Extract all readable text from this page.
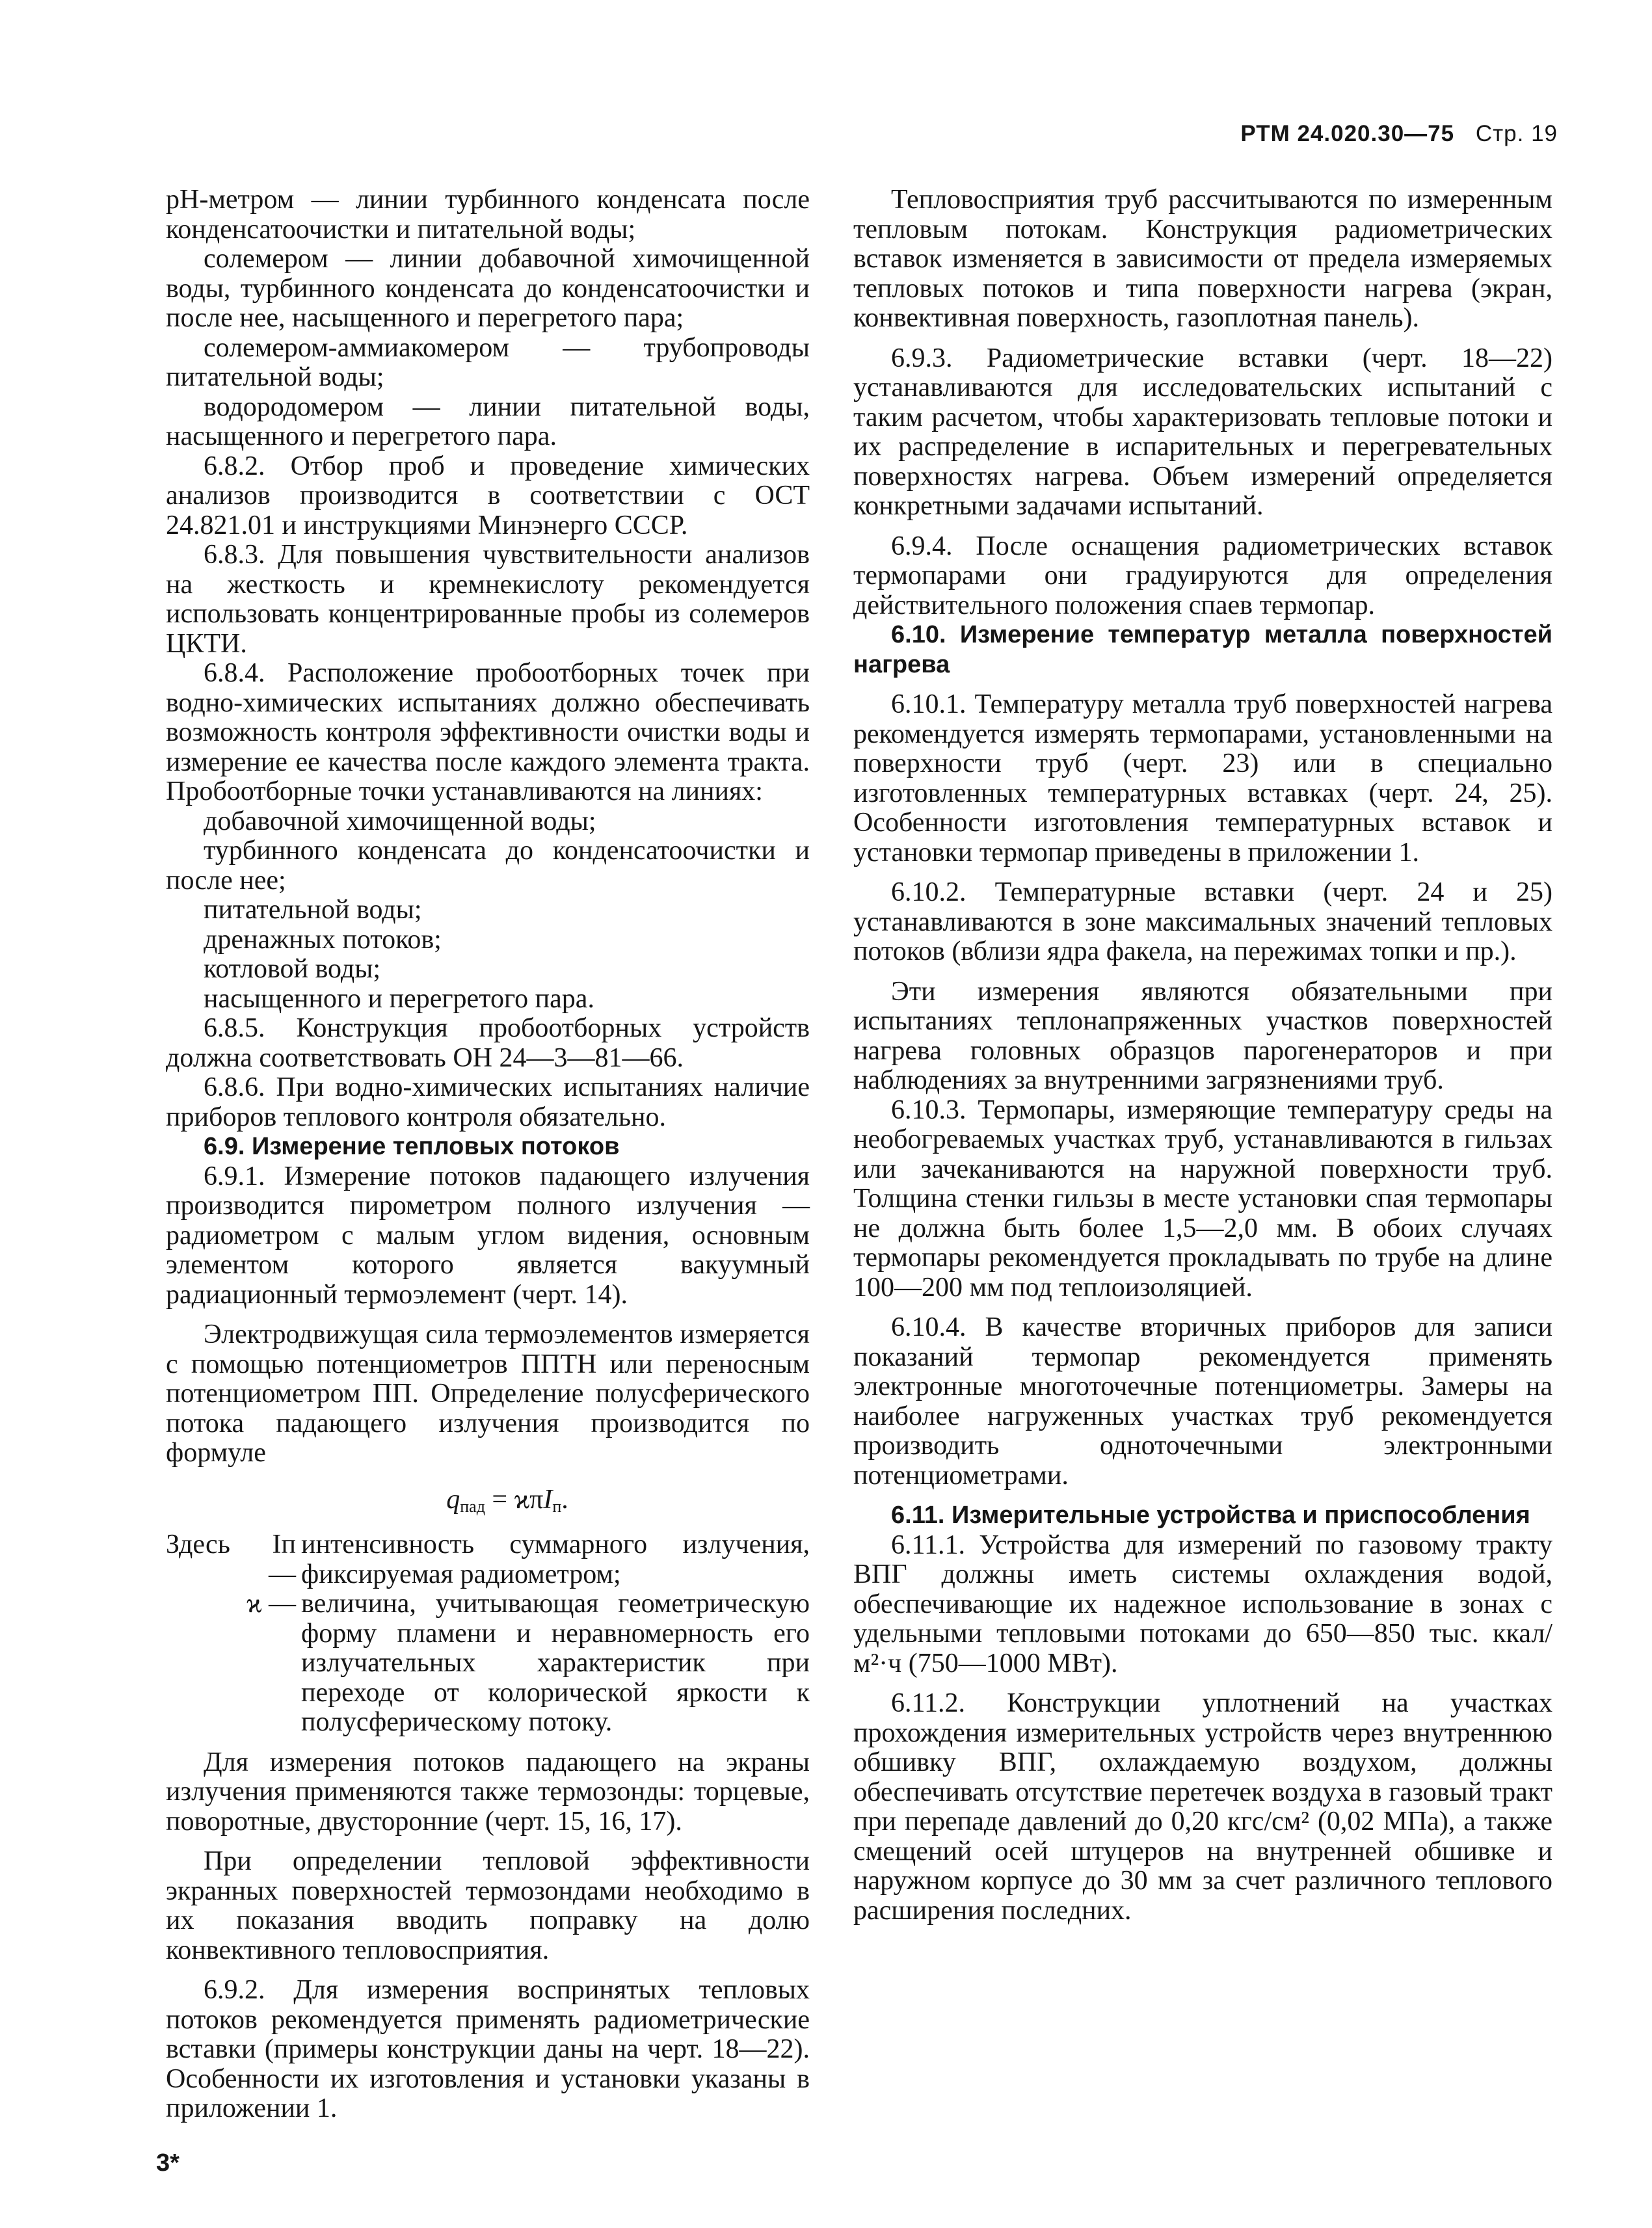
РТМ 24.020.30—75 Стр. 19

рН-метром — линии турбинного конденсата после конденсатоочистки и питательной воды;

солемером — линии добавочной химочищенной воды, турбинного конденсата до конденсатоочистки и после нее, насыщенного и перегретого пара;

солемером-аммиакомером — трубопроводы питательной воды;

водородомером — линии питательной воды, насыщенного и перегретого пара.

6.8.2. Отбор проб и проведение химических анализов производится в соответствии с ОСТ 24.821.01 и инструкциями Минэнерго СССР.

6.8.3. Для повышения чувствительности анализов на жесткость и кремнекислоту рекомендуется использовать концентрированные пробы из солемеров ЦКТИ.

6.8.4. Расположение пробоотборных точек при водно-химических испытаниях должно обеспечивать возможность контроля эффективности очистки воды и измерение ее качества после каждого элемента тракта. Пробоотборные точки устанавливаются на линиях:

добавочной химочищенной воды;

турбинного конденсата до конденсатоочистки и после нее;

питательной воды;

дренажных потоков;

котловой воды;

насыщенного и перегретого пара.

6.8.5. Конструкция пробоотборных устройств должна соответствовать ОН 24—3—81—66.

6.8.6. При водно-химических испытаниях наличие приборов теплового контроля обязательно.

6.9. Измерение тепловых потоков

6.9.1. Измерение потоков падающего излучения производится пирометром полного излучения — радиометром с малым углом видения, основным элементом которого является вакуумный радиационный термоэлемент (черт. 14).

Электродвижущая сила термоэлементов измеряется с помощью потенциометров ППТН или переносным потенциометром ПП. Определение полусферического потока падающего излучения производится по формуле

$q_{пад} = ϰ\pi I_п$.
Здесь	Iп —
интенсивность суммарного излучения, фиксируемая радиометром;
ϰ — величина, учитывающая геометрическую форму пламени и неравномерность его излучательных характеристик при переходе от колорической яркости к полусферическому потоку.

Для измерения потоков падающего на экраны излучения применяются также термозонды: торцевые, поворотные, двусторонние (черт. 15, 16, 17).

При определении тепловой эффективности экранных поверхностей термозондами необходимо в их показания вводить поправку на долю конвективного тепловосприятия.

6.9.2. Для измерения воспринятых тепловых потоков рекомендуется применять радиометрические вставки (примеры конструкции даны на черт. 18—22). Особенности их изготовления и установки указаны в приложении 1.

Тепловосприятия труб рассчитываются по измеренным тепловым потокам. Конструкция радиометрических вставок изменяется в зависимости от предела измеряемых тепловых потоков и типа поверхности нагрева (экран, конвективная поверхность, газоплотная панель).

6.9.3. Радиометрические вставки (черт. 18—22) устанавливаются для исследовательских испытаний с таким расчетом, чтобы характеризовать тепловые потоки и их распределение в испарительных и перегревательных поверхностях нагрева. Объем измерений определяется конкретными задачами испытаний.

6.9.4. После оснащения радиометрических вставок термопарами они градуируются для определения действительного положения спаев термопар.

6.10. Измерение температур металла поверхностей нагрева

6.10.1. Температуру металла труб поверхностей нагрева рекомендуется измерять термопарами, установленными на поверхности труб (черт. 23) или в специально изготовленных температурных вставках (черт. 24, 25). Особенности изготовления температурных вставок и установки термопар приведены в приложении 1.

6.10.2. Температурные вставки (черт. 24 и 25) устанавливаются в зоне максимальных значений тепловых потоков (вблизи ядра факела, на пережимах топки и пр.).

Эти измерения являются обязательными при испытаниях теплонапряженных участков поверхностей нагрева головных образцов парогенераторов и при наблюдениях за внутренними загрязнениями труб.

6.10.3. Термопары, измеряющие температуру среды на необогреваемых участках труб, устанавливаются в гильзах или зачеканиваются на наружной поверхности труб. Толщина стенки гильзы в месте установки спая термопары не должна быть более 1,5—2,0 мм. В обоих случаях термопары рекомендуется прокладывать по трубе на длине 100—200 мм под теплоизоляцией.

6.10.4. В качестве вторичных приборов для записи показаний термопар рекомендуется применять электронные многоточечные потенциометры. Замеры на наиболее нагруженных участках труб рекомендуется производить одноточечными электронными потенциометрами.

6.11. Измерительные устройства и приспособления

6.11.1. Устройства для измерений по газовому тракту ВПГ должны иметь системы охлаждения водой, обеспечивающие их надежное использование в зонах с удельными тепловыми потоками до 650—850 тыс. ккал/м²·ч (750—1000 МВт).

6.11.2. Конструкции уплотнений на участках прохождения измерительных устройств через внутреннюю обшивку ВПГ, охлаждаемую воздухом, должны обеспечивать отсутствие перетечек воздуха в газовый тракт при перепаде давлений до 0,20 кгс/см² (0,02 МПа), а также смещений осей штуцеров на внутренней обшивке и наружном корпусе до 30 мм за счет различного теплового расширения последних.

3*
